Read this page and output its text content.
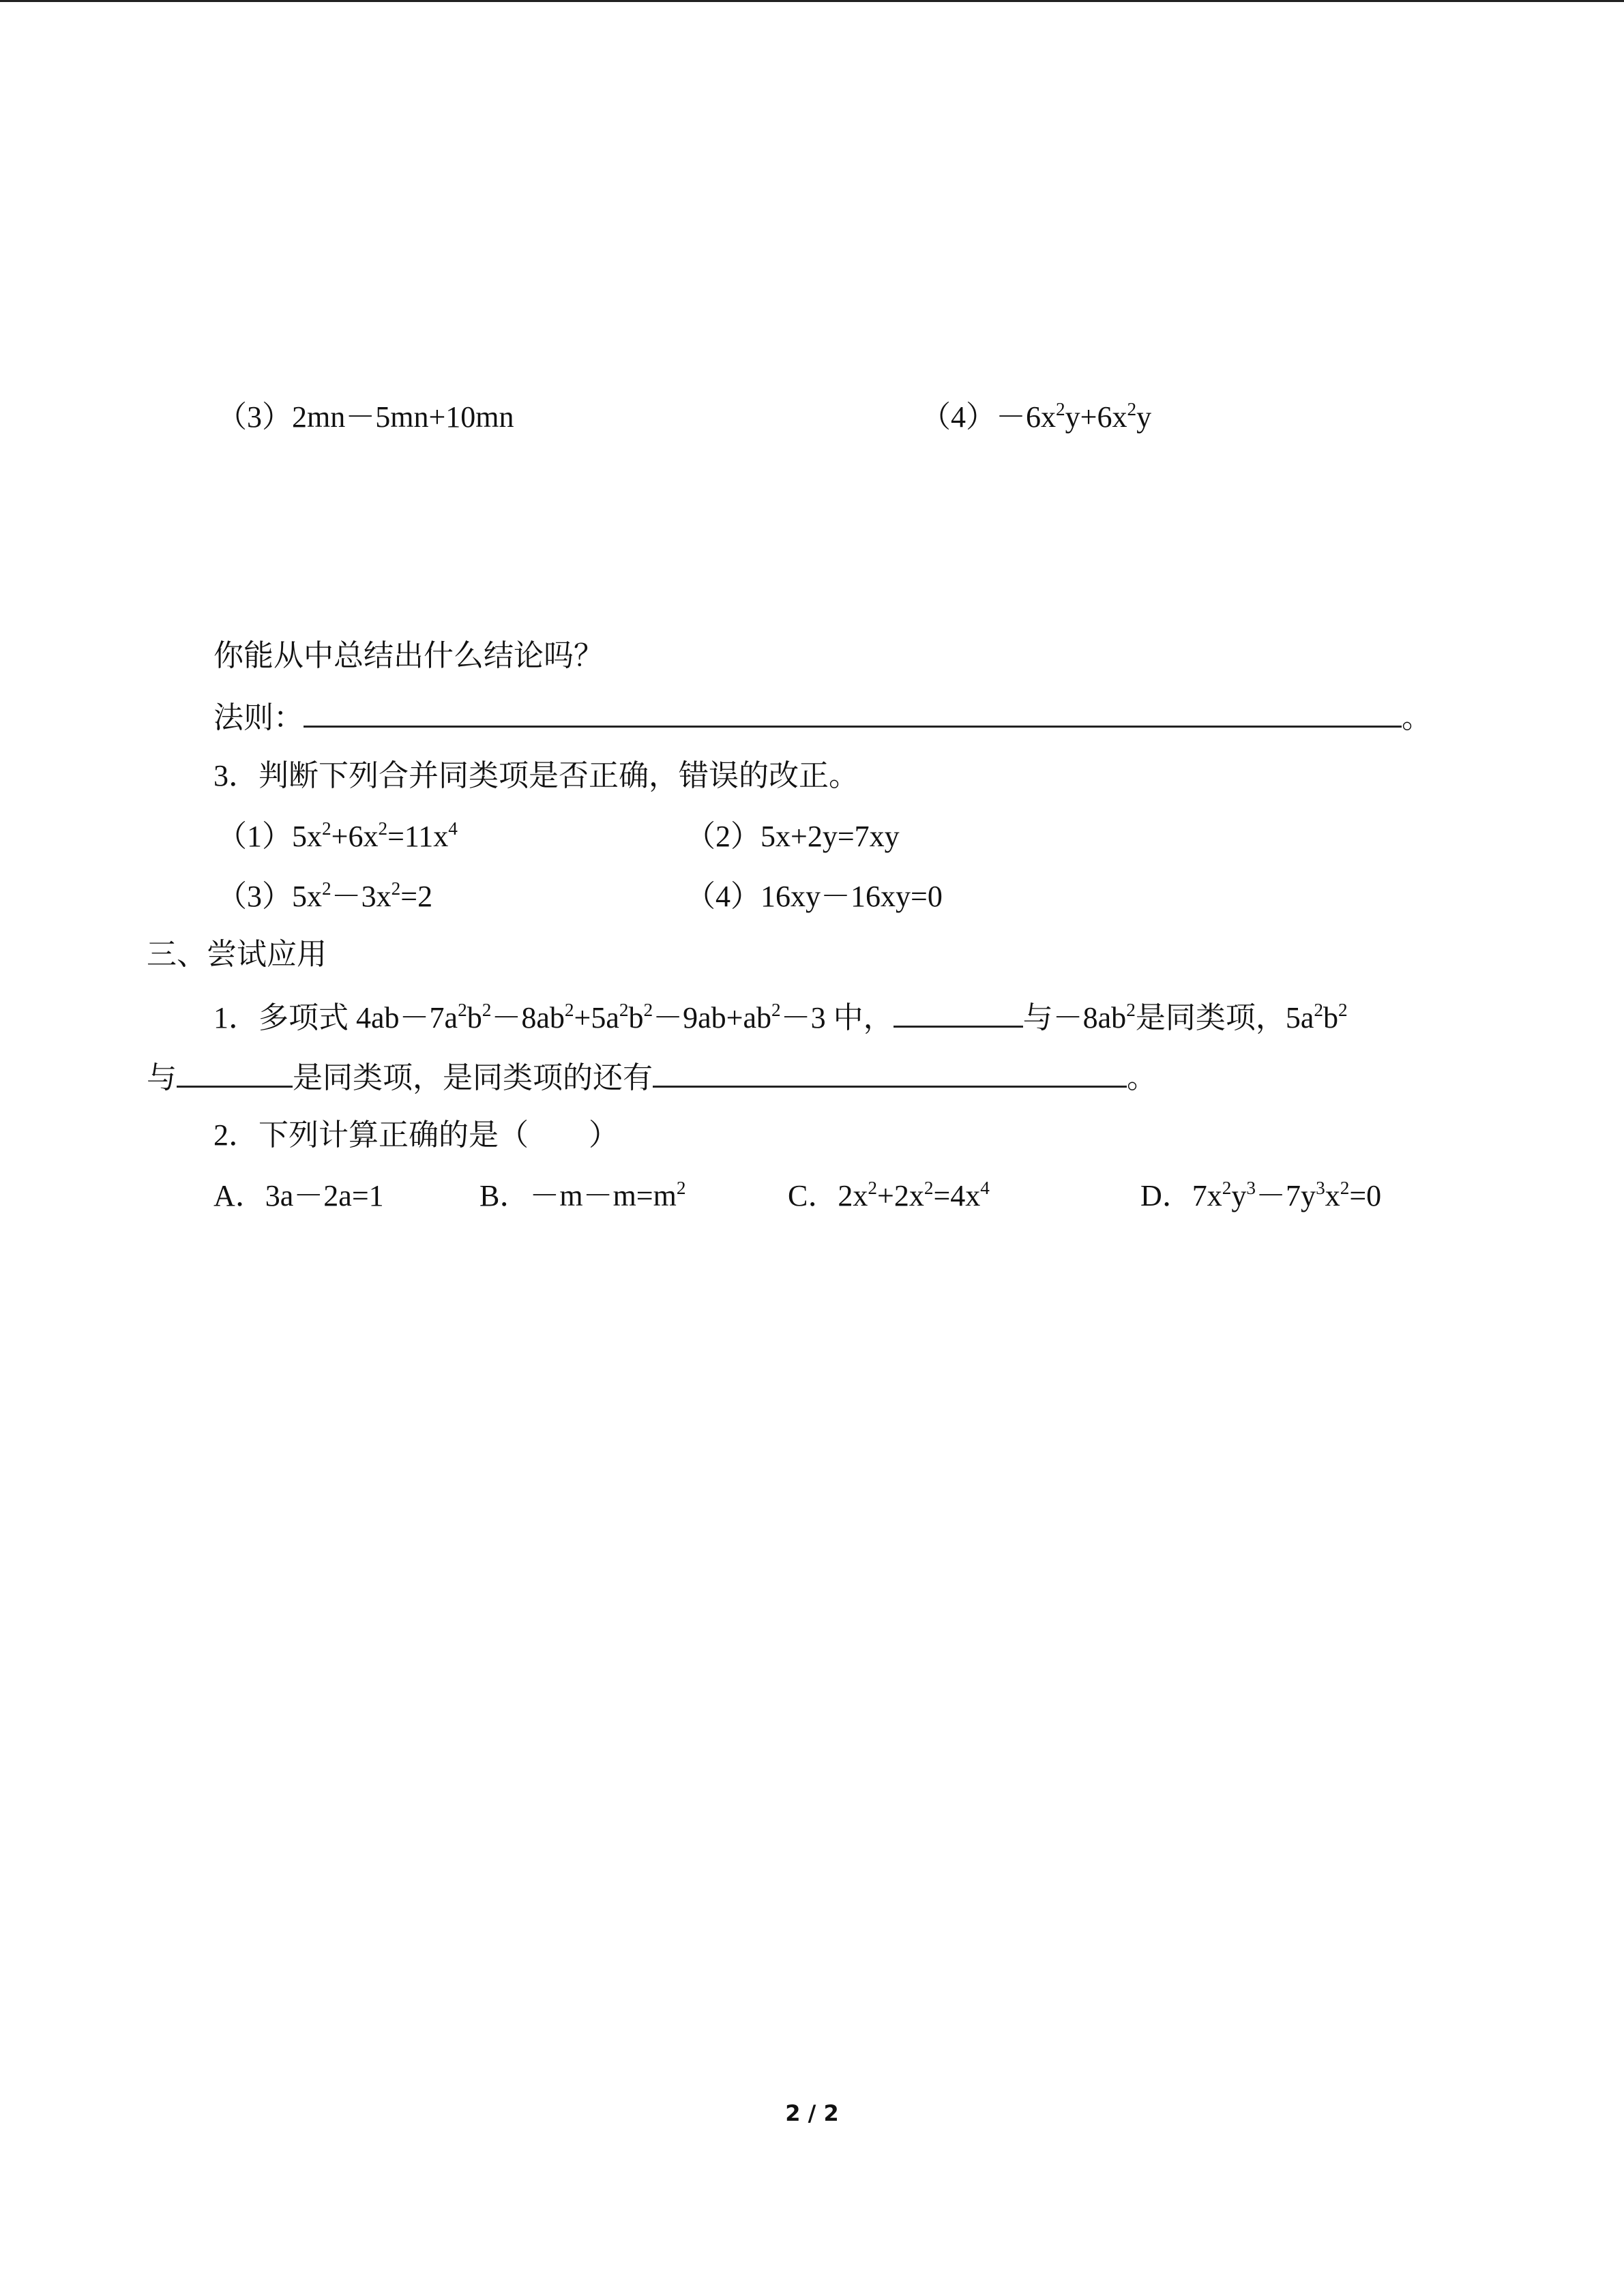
（3）2mn－5mn+10mn	$(4)-6x^2y+6x^2y$
你能从中总结出什么结论吗？
法则：	。
3．判断下列合并同类项是否正确，错误的改正。
$(1)5x^2+6x^2=11x^4$	（2）5x+2y=7xy
$(3)5x^2-3x^2=2$	（4）16xy－16xy=0
三、尝试应用
1．多项式 $4ab-7a^2b^2-8ab^2+5a^2b^2-9ab+ab^2-3$ 中，	与$-8ab^2$是同类项，$5a^2b^2$
与	是同类项，是同类项的还有	。
2．下列计算正确的是（　　）
A．3a－2a=1	B．$-m-m=m^2$	C．$2x^2+2x^2=4x^4$	D．$7x^2y^3-7y^3x^2=0$
2 / 2
